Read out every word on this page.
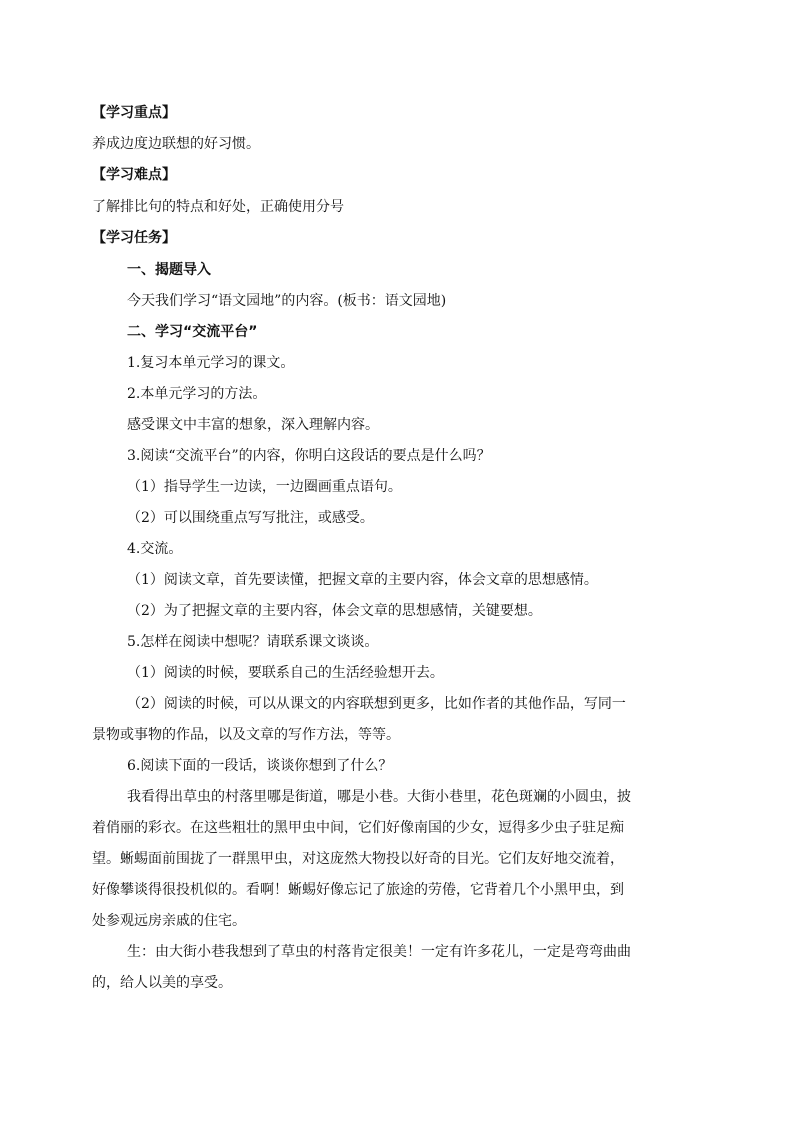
【学习重点】
养成边度边联想的好习惯。
【学习难点】
了解排比句的特点和好处，正确使用分号
【学习任务】
一、揭题导入
今天我们学习“语文园地”的内容。(板书：语文园地)
二、学习“交流平台”
1.复习本单元学习的课文。
2.本单元学习的方法。
感受课文中丰富的想象，深入理解内容。
3.阅读“交流平台”的内容，你明白这段话的要点是什么吗？
（1）指导学生一边读，一边圈画重点语句。
（2）可以围绕重点写写批注，或感受。
4.交流。
（1）阅读文章，首先要读懂，把握文章的主要内容，体会文章的思想感情。
（2）为了把握文章的主要内容，体会文章的思想感情，关键要想。
5.怎样在阅读中想呢？请联系课文谈谈。
（1）阅读的时候，要联系自己的生活经验想开去。
（2）阅读的时候，可以从课文的内容联想到更多，比如作者的其他作品，写同一
景物或事物的作品，以及文章的写作方法，等等。
6.阅读下面的一段话，谈谈你想到了什么？
我看得出草虫的村落里哪是街道，哪是小巷。大街小巷里，花色斑斓的小圆虫，披
着俏丽的彩衣。在这些粗壮的黑甲虫中间，它们好像南国的少女，逗得多少虫子驻足痴
望。蜥蜴面前围拢了一群黑甲虫，对这庞然大物投以好奇的目光。它们友好地交流着，
好像攀谈得很投机似的。看啊！蜥蜴好像忘记了旅途的劳倦，它背着几个小黑甲虫，到
处参观远房亲戚的住宅。
生：由大街小巷我想到了草虫的村落肯定很美！一定有许多花儿，一定是弯弯曲曲
的，给人以美的享受。
